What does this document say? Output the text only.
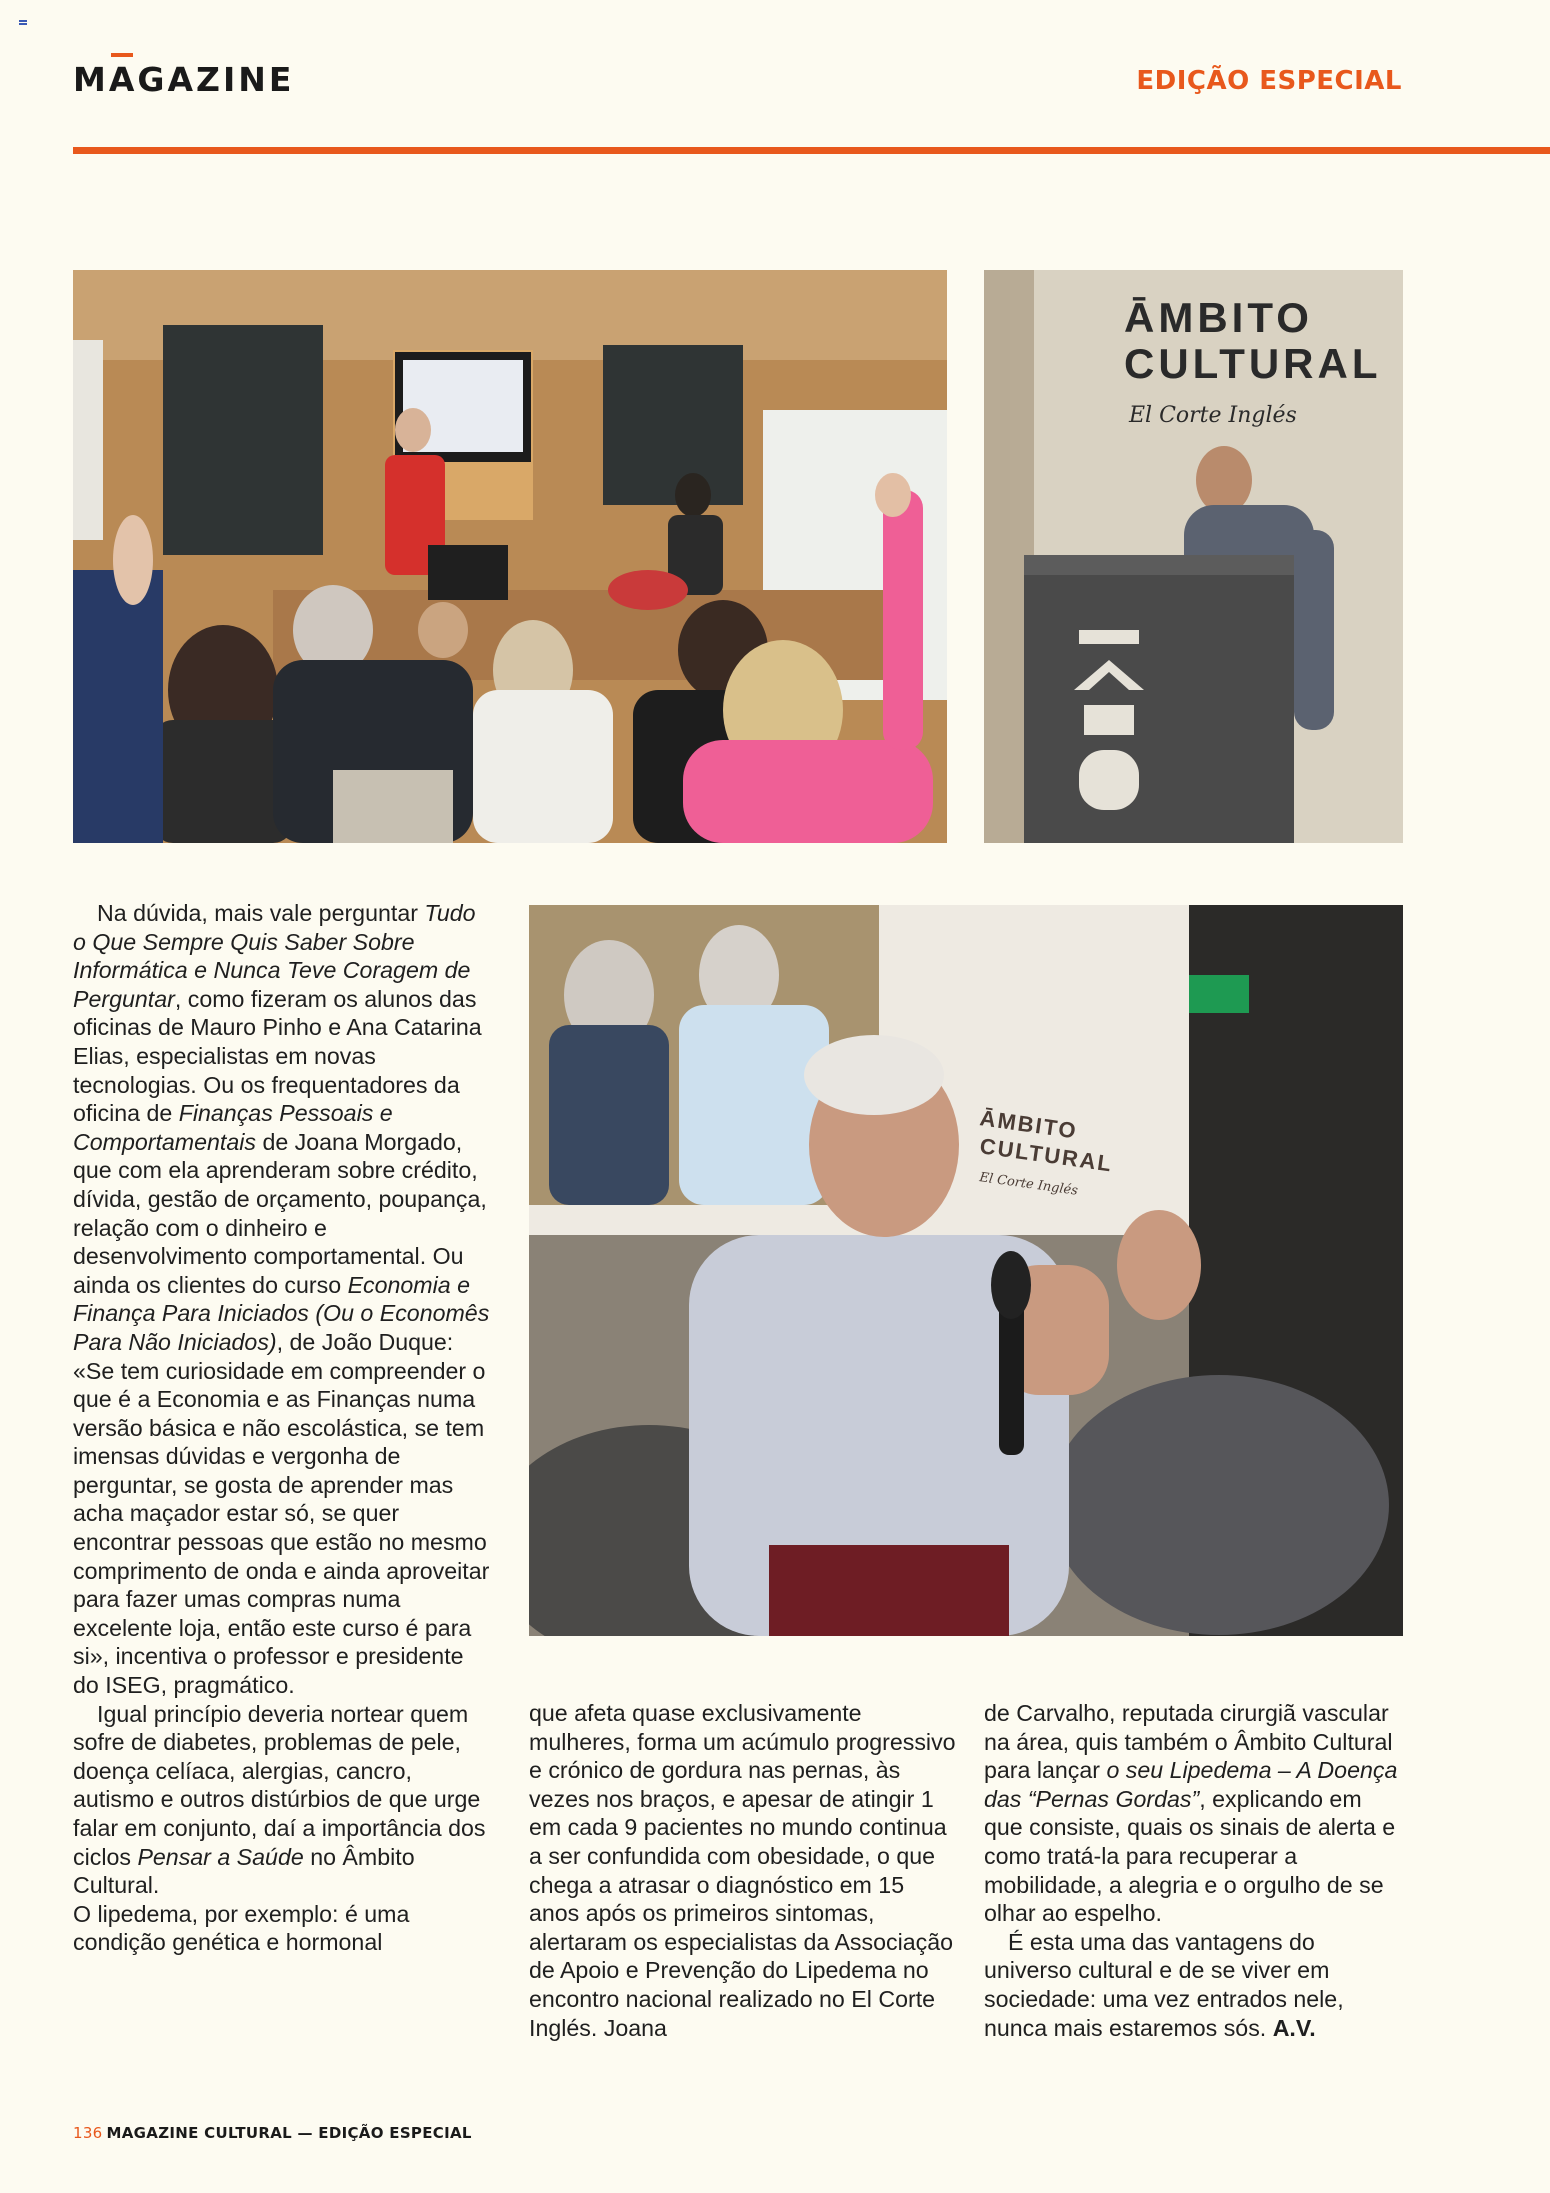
MAGAZINE	EDIÇÃO ESPECIAL
ĀMBITO
CULTURAL
El Corte Inglés
ĀMBITO
CULTURAL
El Corte Inglés

Na dúvida, mais vale perguntar Tudo o Que Sempre Quis Saber Sobre Informática e Nunca Teve Coragem de Perguntar, como fizeram os alunos das oficinas de Mauro Pinho e Ana Catarina Elias, especialistas em novas tecnologias. Ou os frequentadores da oficina de Finanças Pessoais e Comportamentais de Joana Morgado, que com ela aprenderam sobre crédito, dívida, gestão de orçamento, poupança, relação com o dinheiro e desenvolvimento comportamental. Ou ainda os clientes do curso Economia e Finança Para Iniciados (Ou o Economês Para Não Iniciados), de João Duque: «Se tem curiosidade em compreender o que é a Economia e as Finanças numa versão básica e não escolástica, se tem imensas dúvidas e vergonha de perguntar, se gosta de aprender mas acha maçador estar só, se quer encontrar pessoas que estão no mesmo comprimento de onda e ainda aproveitar para fazer umas compras numa excelente loja, então este curso é para si», incentiva o professor e presidente do ISEG, pragmático.

Igual princípio deveria nortear quem sofre de diabetes, problemas de pele, doença celíaca, alergias, cancro, autismo e outros distúrbios de que urge falar em conjunto, daí a importância dos ciclos Pensar a Saúde no Âmbito Cultural.

O lipedema, por exemplo: é uma condição genética e hormonal

que afeta quase exclusivamente mulheres, forma um acúmulo progressivo e crónico de gordura nas pernas, às vezes nos braços, e apesar de atingir 1 em cada 9 pacientes no mundo continua a ser confundida com obesidade, o que chega a atrasar o diagnóstico em 15 anos após os primeiros sintomas, alertaram os especialistas da Associação de Apoio e Prevenção do Lipedema no encontro nacional realizado no El Corte Inglés. Joana

de Carvalho, reputada cirurgiã vascular na área, quis também o Âmbito Cultural para lançar o seu Lipedema – A Doença das “Pernas Gordas”, explicando em que consiste, quais os sinais de alerta e como tratá-la para recuperar a mobilidade, a alegria e o orgulho de se olhar ao espelho.

É esta uma das vantagens do universo cultural e de se viver em sociedade: uma vez entrados nele, nunca mais estaremos sós. A.V.

136 MAGAZINE CULTURAL — EDIÇÃO ESPECIAL
